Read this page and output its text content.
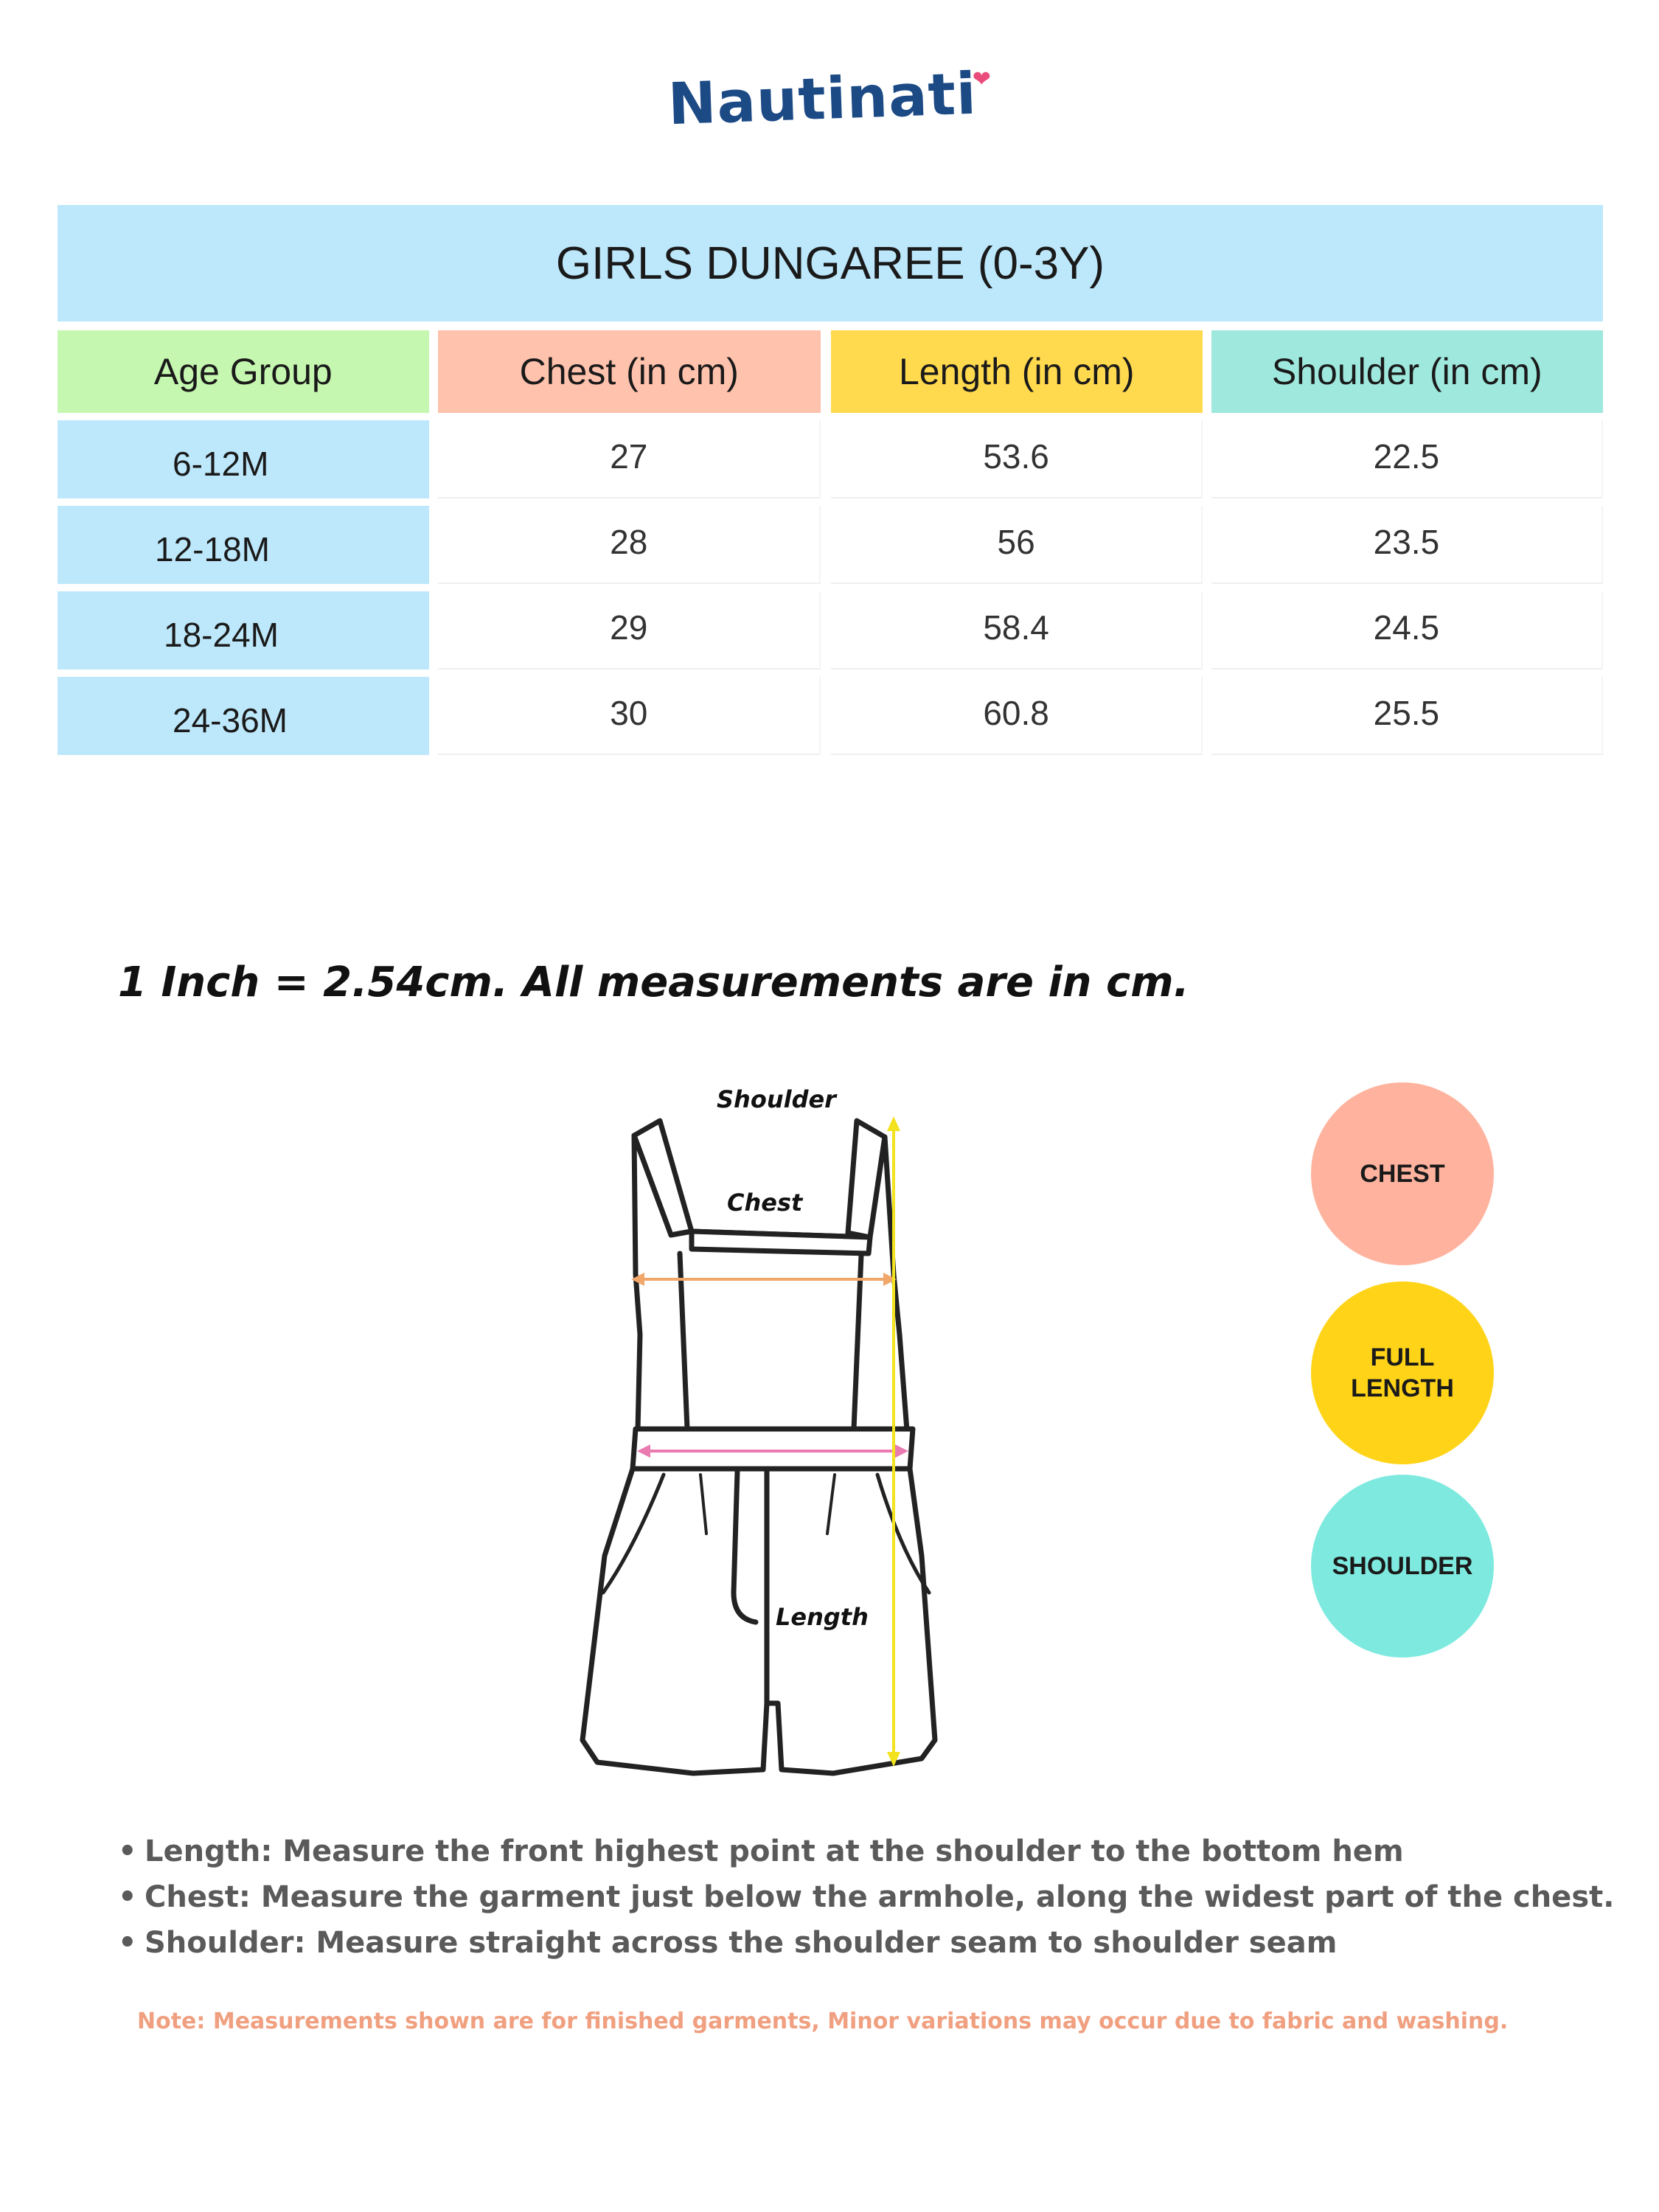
Nautinati❤
GIRLS DUNGAREE (0-3Y)
Age Group	Chest (in cm)	Length (in cm)	Shoulder (in cm)
6-12M	27	53.6	22.5
12-18M	28	56	23.5
18-24M	29	58.4	24.5
24-36M	30	60.8	25.5
1 Inch = 2.54cm. All measurements are in cm.
Shoulder
Chest
Length
CHEST
FULL
LENGTH
SHOULDER
• Length: Measure the front highest point at the shoulder to the bottom hem
• Chest: Measure the garment just below the armhole, along the widest part of the chest.
• Shoulder: Measure straight across the shoulder seam to shoulder seam
Note: Measurements shown are for finished garments, Minor variations may occur due to fabric and washing.
